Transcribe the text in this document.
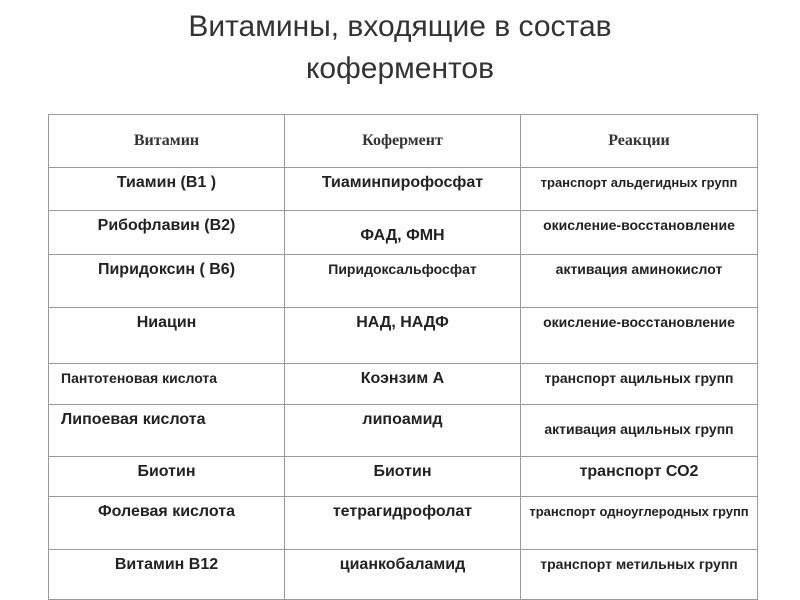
Витамины, входящие в состав
коферментов
Витамин	Кофермент	Реакции
Тиамин (В1 )	Тиаминпирофосфат	транспорт альдегидных групп
Рибофлавин (В2)	ФАД, ФМН	окисление-восстановление
Пиридоксин ( В6)	Пиридоксальфосфат	активация аминокислот
Ниацин	НАД, НАДФ	окисление-восстановление
Пантотеновая кислота	Коэнзим А	транспорт ацильных групп
Липоевая кислота	липоамид	активация ацильных групп
Биотин	Биотин	транспорт СО2
Фолевая кислота	тетрагидрофолат	транспорт одноуглеродных групп
Витамин В12	цианкобаламид	транспорт метильных групп
